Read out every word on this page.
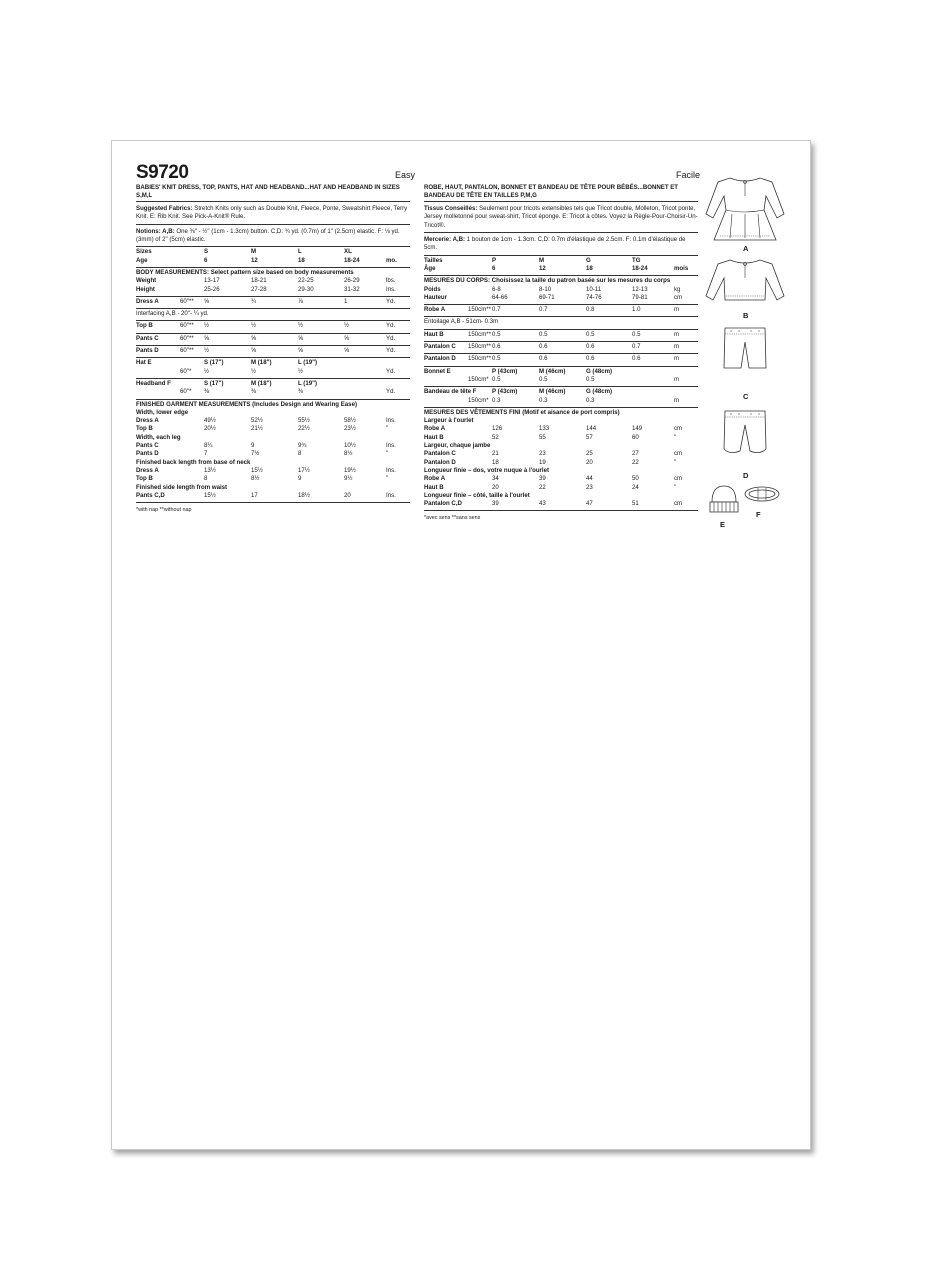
S9720	Easy	Facile
BABIES' KNIT DRESS, TOP, PANTS, HAT AND HEADBAND...HAT AND HEADBAND IN SIZES S,M,L
Suggested Fabrics: Stretch Knits only such as Double Knit, Fleece, Ponte, Sweatshirt Fleece, Terry Knit. E: Rib Knit. See Pick-A-Knit® Rule.
Notions: A,B: One ⅜" - ½" (1cm - 1.3cm) button. C,D: ¾ yd. (0.7m) of 1" (2.5cm) elastic. F: ⅛ yd. (3mm) of 2" (5cm) elastic.
Sizes	S	M	L	XL
Age	6	12	18	18-24	mo.
BODY MEASUREMENTS: Select pattern size based on body measurements
Weight	13-17	18-21	22-25	26-29	lbs.
Height	25-26	27-28	29-30	31-32	Ins.
Dress A	60"** ⅝	¾	⅞	1	Yd.
Interfacing A,B - 20"- ¼ yd.
Top B	60"** ½	½	½	½	Yd.
Pants C	60"** ⅝	⅝	⅝	⅝	Yd.
Pants D	60"** ½	⅝	⅝	⅝	Yd.
Hat E	S (17")	M (18")	L (19")
60"* ½	½	½	Yd.
Headband F	S (17")	M (18")	L (19")
60"* ⅜	⅜	⅜	Yd.
FINISHED GARMENT MEASUREMENTS (Includes Design and Wearing Ease)
Width, lower edge
Dress A	49½	52½	55½	58½	Ins.
Top B	20½	21½	22½	23½	"
Width, each leg
Pants C	8¼	9	9¾	10½	Ins.
Pants D	7	7½	8	8½	"
Finished back length from base of neck
Dress A	13½	15½	17½	19½	Ins.
Top B	8	8½	9	9½	"
Finished side length from waist
Pants C,D	15½	17	18½	20	Ins.
*with nap **without nap
ROBE, HAUT, PANTALON, BONNET ET BANDEAU DE TÊTE POUR BÉBÉS...BONNET ET BANDEAU DE TÊTE EN TAILLES P,M,G
Tissus Conseillés: Seulement pour tricots extensibles tels que Tricot double, Molleton, Tricot ponte, Jersey molletonné pour sweat-shirt, Tricot éponge. E: Tricot à côtes. Voyez la Règle-Pour-Choisir-Un-Tricot®.
Mercerie: A,B: 1 bouton de 1cm - 1.3cm. C,D: 0.7m d'élastique de 2.5cm. F: 0.1m d'élastique de 5cm.
Tailles	P	M	G	TG
Âge	6	12	18	18-24	mois
MESURES DU CORPS: Choisissez la taille du patron basée sur les mesures du corps
Poids	6-8	8-10	10-11	12-13	kg
Hauteur	64-66	69-71	74-76	79-81	cm
Robe A	150cm** 0.7	0.7	0.8	1.0	m
Entoilage A,B - 51cm- 0.3m
Haut B	150cm** 0.5	0.5	0.5	0.5	m
Pantalon C 150cm** 0.6	0.6	0.6	0.7	m
Pantalon D 150cm** 0.5	0.6	0.6	0.6	m
Bonnet E	P (43cm)	M (46cm)	G (48cm)
150cm* 0.5	0.5	0.5	m
Bandeau de tête F	P (43cm)	M (46cm)	G (48cm)
150cm* 0.3	0.3	0.3	m
MESURES DES VÊTEMENTS FINI (Motif et aisance de port compris)
Largeur à l'ourlet
Robe A	126	133	144	149	cm
Haut B	52	55	57	60	"
Largeur, chaque jambe
Pantalon C	21	23	25	27	cm
Pantalon D	18	19	20	22	"
Longueur finie – dos, votre nuque à l'ourlet
Robe A	34	39	44	50	cm
Haut B	20	22	23	24	"
Longueur finie – côté, taille à l'ourlet
Pantalon C,D	39	43	47	51	cm
*avec sens **sans sens
A
B
C
D
E
F
